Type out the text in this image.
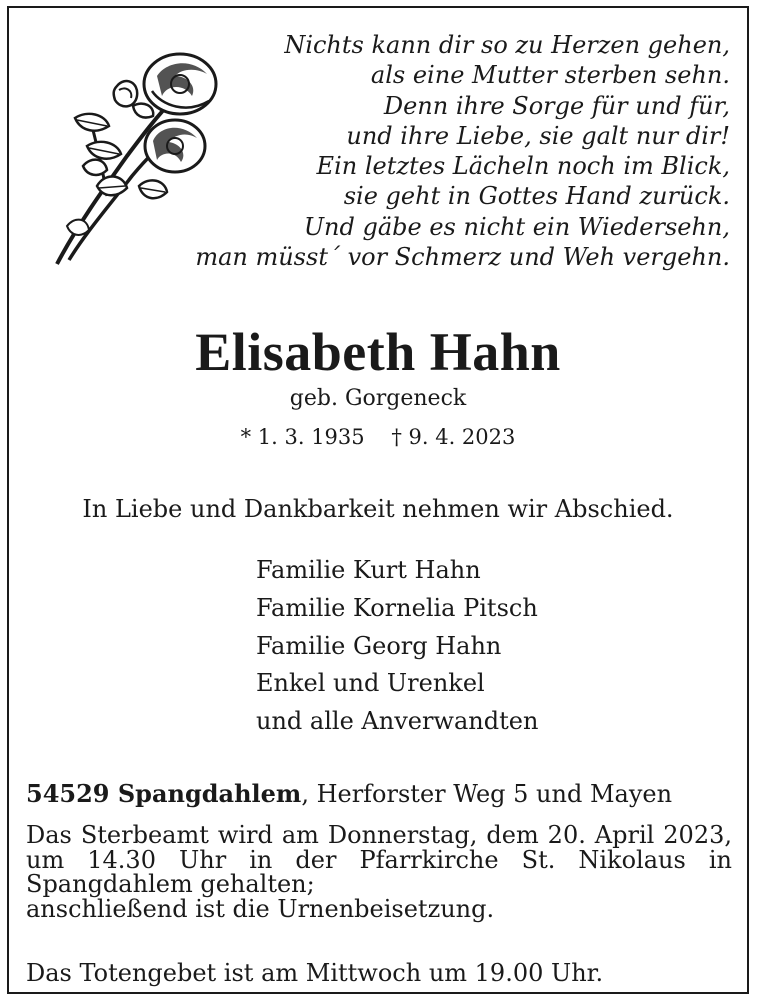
Nichts kann dir so zu Herzen gehen,
als eine Mutter sterben sehn.
Denn ihre Sorge für und für,
und ihre Liebe, sie galt nur dir!
Ein letztes Lächeln noch im Blick,
sie geht in Gottes Hand zurück.
Und gäbe es nicht ein Wiedersehn,
man müsst´ vor Schmerz und Weh vergehn.
Elisabeth Hahn
geb. Gorgeneck
* 1. 3. 1935    † 9. 4. 2023
In Liebe und Dankbarkeit nehmen wir Abschied.
Familie Kurt Hahn
Familie Kornelia Pitsch
Familie Georg Hahn
Enkel und Urenkel
und alle Anverwandten
54529 Spangdahlem, Herforster Weg 5 und Mayen
Das Sterbeamt wird am Donnerstag, dem 20. April 2023,
um 14.30 Uhr in der Pfarrkirche St. Nikolaus in
Spangdahlem gehalten;
anschließend ist die Urnenbeisetzung.
Das Totengebet ist am Mittwoch um 19.00 Uhr.
